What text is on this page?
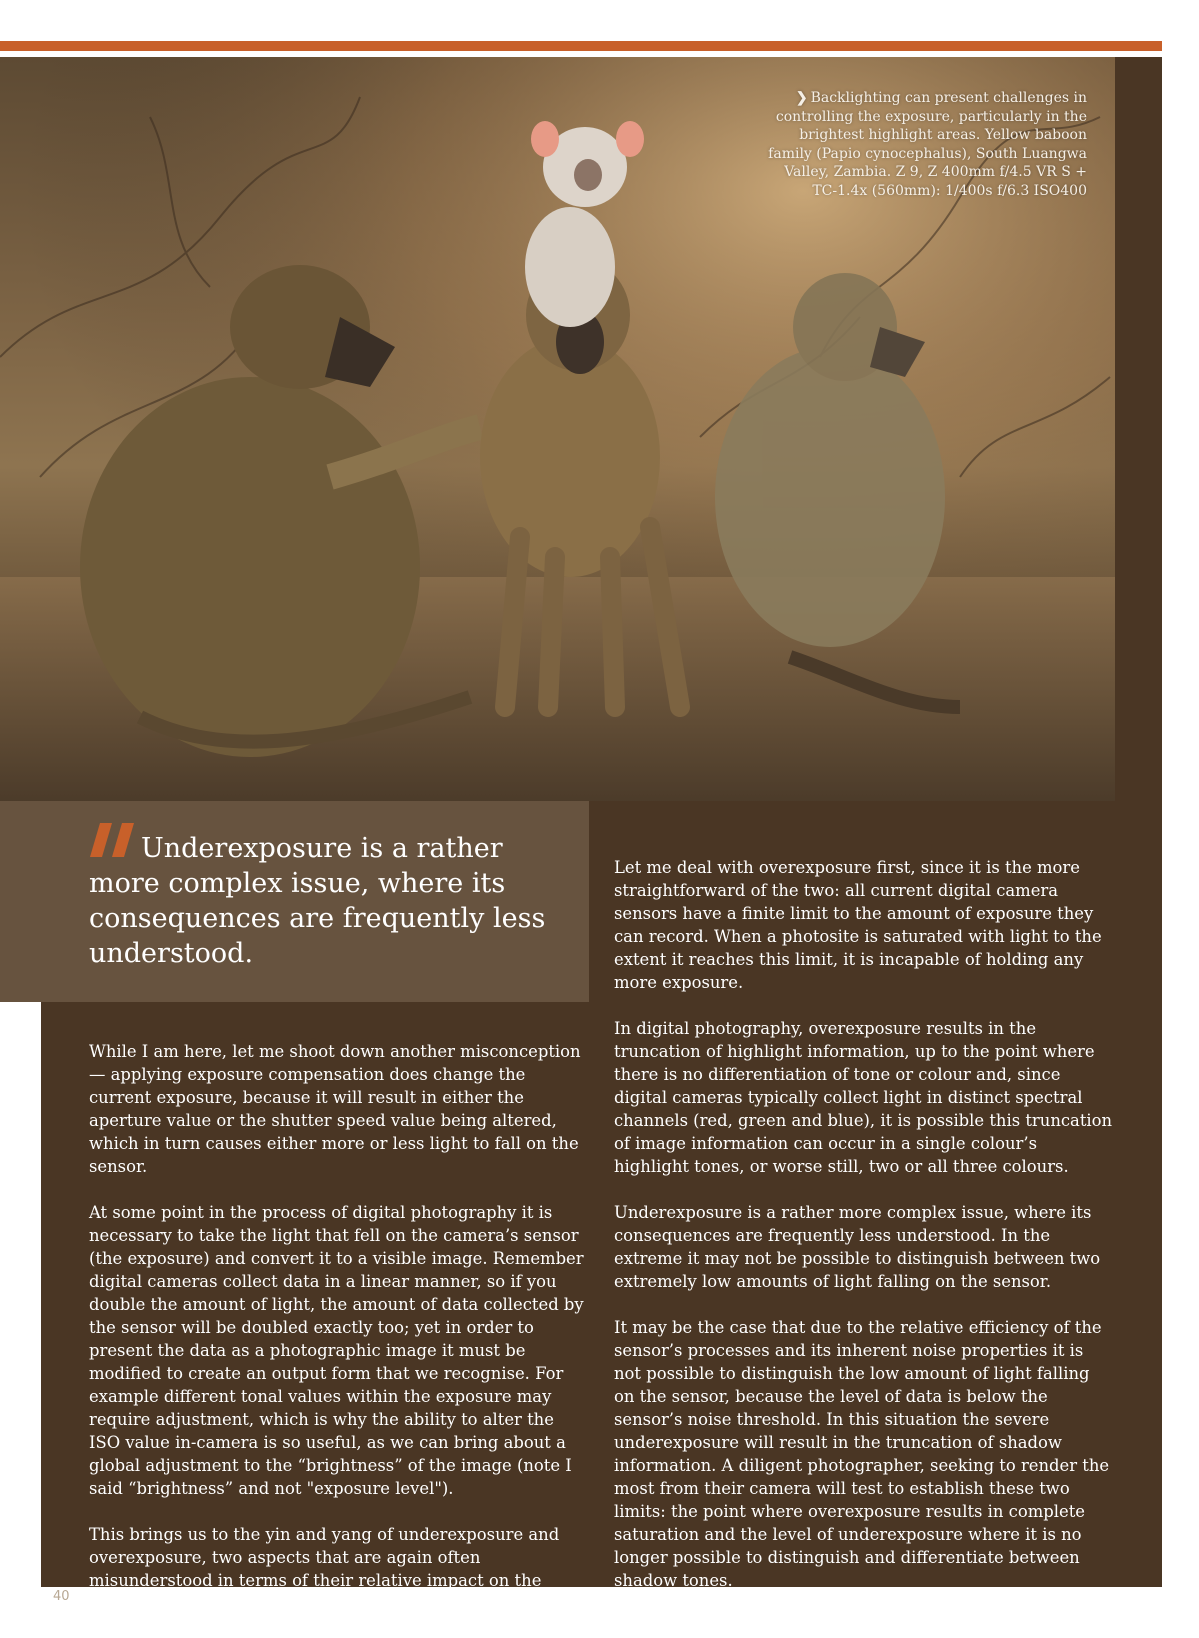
❯ Backlighting can present challenges in controlling the exposure, particularly in the brightest highlight areas. Yellow baboon family (Papio cynocephalus), South Luangwa Valley, Zambia. Z 9, Z 400mm f/4.5 VR S + TC-1.4x (560mm): 1/400s f/6.3 ISO400
Underexposure is a rather more complex issue, where its consequences are frequently less understood.

While I am here, let me shoot down another misconception — applying exposure compensation does change the current exposure, because it will result in either the aperture value or the shutter speed value being altered, which in turn causes either more or less light to fall on the sensor.

At some point in the process of digital photography it is necessary to take the light that fell on the camera’s sensor (the exposure) and convert it to a visible image. Remember digital cameras collect data in a linear manner, so if you double the amount of light, the amount of data collected by the sensor will be doubled exactly too; yet in order to present the data as a photographic image it must be modified to create an output form that we recognise. For example different tonal values within the exposure may require adjustment, which is why the ability to alter the ISO value in-camera is so useful, as we can bring about a global adjustment to the “brightness” of the image (note I said “brightness” and not "exposure level").

This brings us to the yin and yang of underexposure and overexposure, two aspects that are again often misunderstood in terms of their relative impact on the quality of the final image.

Let me deal with overexposure first, since it is the more straightforward of the two: all current digital camera sensors have a finite limit to the amount of exposure they can record. When a photosite is saturated with light to the extent it reaches this limit, it is incapable of holding any more exposure.

In digital photography, overexposure results in the truncation of highlight information, up to the point where there is no differentiation of tone or colour and, since digital cameras typically collect light in distinct spectral channels (red, green and blue), it is possible this truncation of image information can occur in a single colour’s highlight tones, or worse still, two or all three colours.

Underexposure is a rather more complex issue, where its consequences are frequently less understood. In the extreme it may not be possible to distinguish between two extremely low amounts of light falling on the sensor.

It may be the case that due to the relative efficiency of the sensor’s processes and its inherent noise properties it is not possible to distinguish the low amount of light falling on the sensor, because the level of data is below the sensor’s noise threshold. In this situation the severe underexposure will result in the truncation of shadow information. A diligent photographer, seeking to render the most from their camera will test to establish these two limits: the point where overexposure results in complete saturation and the level of underexposure where it is no longer possible to distinguish and differentiate between shadow tones.

40
